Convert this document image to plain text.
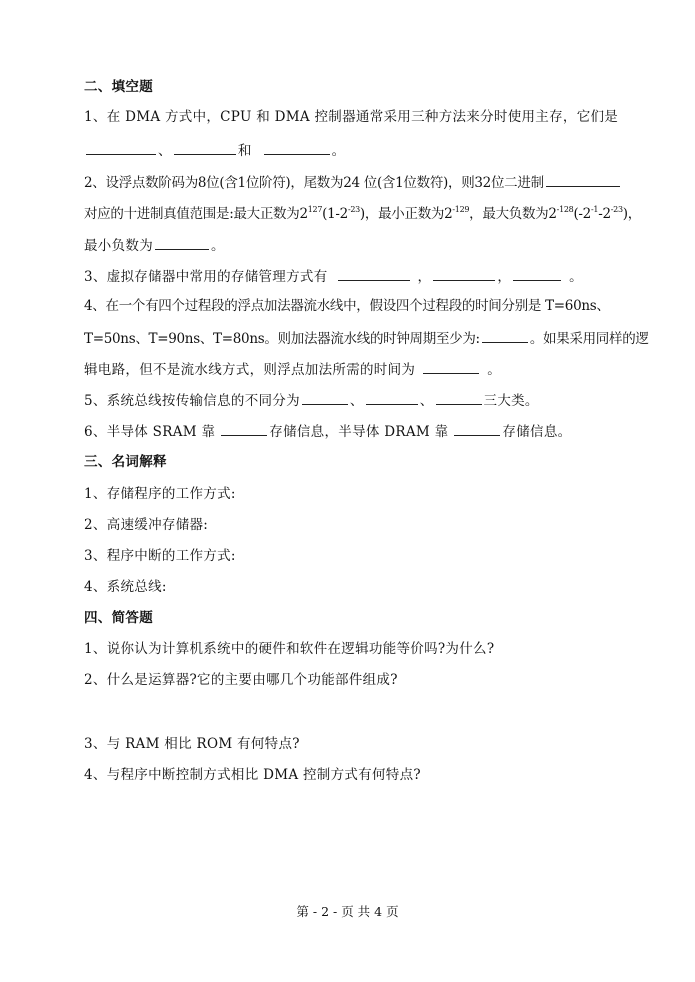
二、填空题
1、在 DMA 方式中，CPU 和 DMA 控制器通常采用三种方法来分时使用主存，它们是
、	和	。
2、设浮点数阶码为8位(含1位阶符)，尾数为24 位(含1位数符)，则32位二进制
对应的十进制真值范围是:最大正数为$2^{127}(1-2^{-23})$，最小正数为$2^{-129}$，最大负数为$2^{-128}(-2^{-1}-2^{-23})$，
最小负数为	。
3、虚拟存储器中常用的存储管理方式有	，	，	。
4、在一个有四个过程段的浮点加法器流水线中，假设四个过程段的时间分别是 T=60ns、
T=50ns、T=90ns、T=80ns。则加法器流水线的时钟周期至少为:	。如果采用同样的逻
辑电路，但不是流水线方式，则浮点加法所需的时间为	。
5、系统总线按传输信息的不同分为	、	、	三大类。
6、半导体 SRAM 靠	存储信息，半导体 DRAM 靠	存储信息。
三、名词解释
1、存储程序的工作方式:
2、高速缓冲存储器:
3、程序中断的工作方式:
4、系统总线:
四、简答题
1、说你认为计算机系统中的硬件和软件在逻辑功能等价吗?为什么?
2、什么是运算器?它的主要由哪几个功能部件组成?
3、与 RAM 相比 ROM 有何特点?
4、与程序中断控制方式相比 DMA 控制方式有何特点?
第 - 2 - 页 共 4 页
